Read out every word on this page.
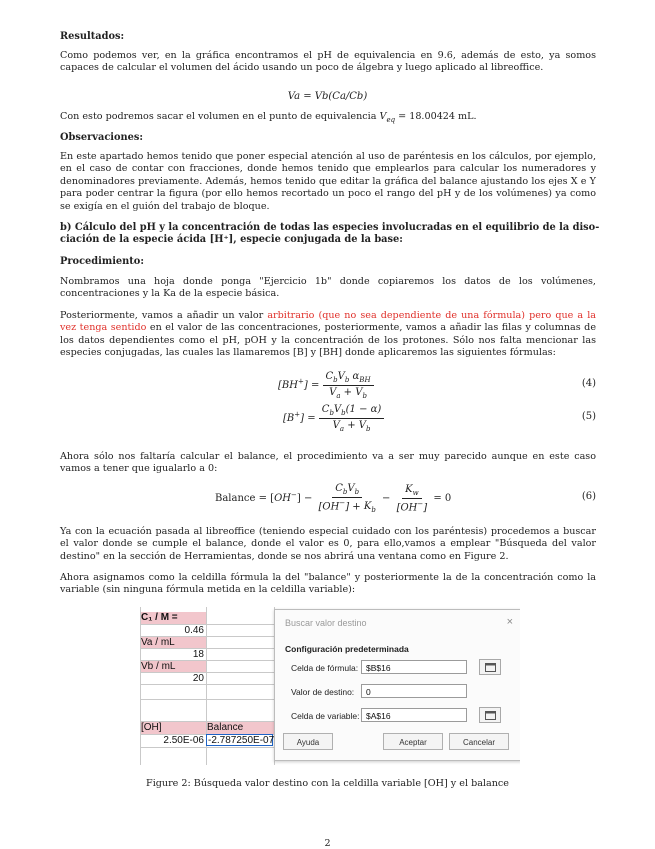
Resultados:
Como podemos ver, en la gráfica encontramos el pH de equivalencia en 9.6, además de esto, ya somos capaces de calcular el volumen del ácido usando un poco de álgebra y luego aplicado al libreoffice.
Va = Vb(Ca/Cb)
Con esto podremos sacar el volumen en el punto de equivalencia $V_{eq} = 18.00424$ mL.
Observaciones:
En este apartado hemos tenido que poner especial atención al uso de paréntesis en los cálculos, por ejemplo, en el caso de contar con fracciones, donde hemos tenido que emplearlos para calcular los numeradores y denominadores previamente. Además, hemos tenido que editar la gráfica del balance ajustando los ejes X e Y para poder centrar la figura (por ello hemos recortado un poco el rango del pH y de los volúmenes) ya como se exigía en el guión del trabajo de bloque.
b) Cálculo del pH y la concentración de todas las especies involucradas en el equilibrio de la diso-
ciación de la especie ácida [H⁺], especie conjugada de la base:
Procedimiento:
Nombramos una hoja donde ponga "Ejercicio 1b" donde copiaremos los datos de los volúmenes, concentraciones y la Ka de la especie básica.
Posteriormente, vamos a añadir un valor arbitrario (que no sea dependiente de una fórmula) pero que a la vez tenga sentido en el valor de las concentraciones, posteriormente, vamos a añadir las filas y columnas de los datos dependientes como el pH, pOH y la concentración de los protones. Sólo nos falta mencionar las especies conjugadas, las cuales las llamaremos [B] y [BH] donde aplicaremos las siguientes fórmulas:
$[BH^+] = \frac{C_bV_b \alpha_{BH}}{V_a + V_b}$	(4)
$[B^+] = \frac{C_bV_b(1 - \alpha)}{V_a + V_b}$	(5)
Ahora sólo nos faltaría calcular el balance, el procedimiento va a ser muy parecido aunque en este caso vamos a tener que igualarlo a 0:
Balance = $[OH^-] - \frac{C_bV_b}{[OH^-] + K_b} - \frac{K_w}{[OH^-]} = 0$	(6)
Ya con la ecuación pasada al libreoffice (teniendo especial cuidado con los paréntesis) procedemos a buscar el valor donde se cumple el balance, donde el valor es 0, para ello,vamos a emplear "Búsqueda del valor destino" en la sección de Herramientas, donde se nos abrirá una ventana como en Figure 2.
Ahora asignamos como la celdilla fórmula la del "balance" y posteriormente la de la concentración como la variable (sin ninguna fórmula metida en la celdilla variable):
C₁ / M =
0.46
Va / mL
18
Vb / mL
20
[OH]	Balance
2.50E-06 -2.787250E-07
Buscar valor destino	×
Configuración predeterminada
Celda de fórmula: $B$16
Valor de destino:	0
Celda de variable: $A$16
Ayuda	Aceptar	Cancelar
Figure 2: Búsqueda valor destino con la celdilla variable [OH] y el balance
2
